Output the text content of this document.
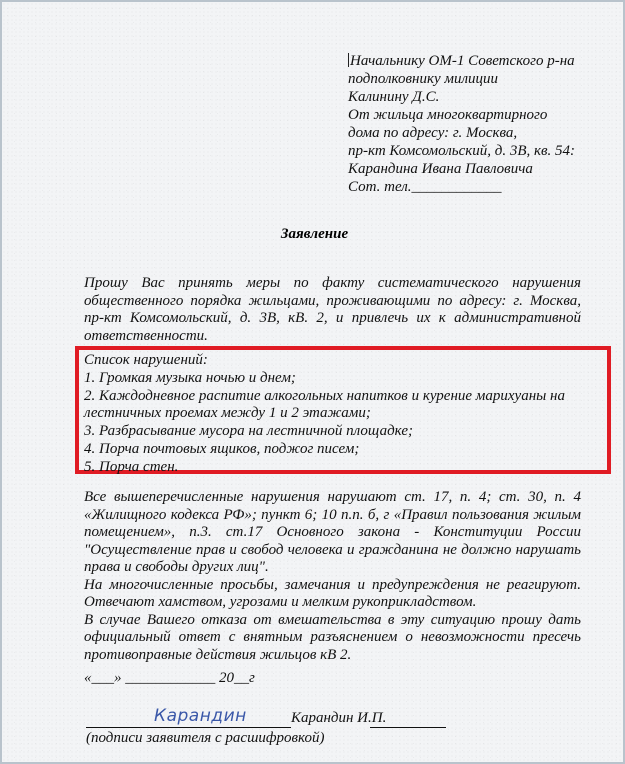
Начальнику ОМ-1 Советского р-на
подполковнику милиции
Калинину Д.С.
От жильца многоквартирного
дома по адресу: г. Москва,
пр-кт Комсомольский, д. 3В, кв. 54:
Карандина Ивана Павловича
Сот. тел.____________
Заявление
Прошу Вас принять меры по факту систематического нарушения общественного порядка жильцами, проживающими по адресу: г. Москва, пр-кт Комсомольский, д. 3В, кВ. 2, и привлечь их к административной ответственности.
Список нарушений:
1. Громкая музыка ночью и днем;
2. Каждодневное распитие алкогольных напитков и курение марихуаны на
лестничных проемах между 1 и 2 этажами;
3. Разбрасывание мусора на лестничной площадке;
4. Порча почтовых ящиков, поджог писем;
5. Порча стен.
Все вышеперечисленные нарушения нарушают ст. 17, п. 4; ст. 30, п. 4 «Жилищного кодекса РФ»; пункт 6; 10 п.п. б, г «Правил пользования жилым помещением», п.3. ст.17 Основного закона - Конституции России "Осуществление прав и свобод человека и гражданина не должно нарушать права и свободы других лиц".
На многочисленные просьбы, замечания и предупреждения не реагируют. Отвечают хамством, угрозами и мелким рукоприкладством.
В случае Вашего отказа от вмешательства в эту ситуацию прошу дать официальный ответ с внятным разъяснением о невозможности пресечь противоправные действия жильцов кВ 2.
«___» ____________ 20__г
Карандин	Карандин И.П.
(подписи заявителя с расшифровкой)
